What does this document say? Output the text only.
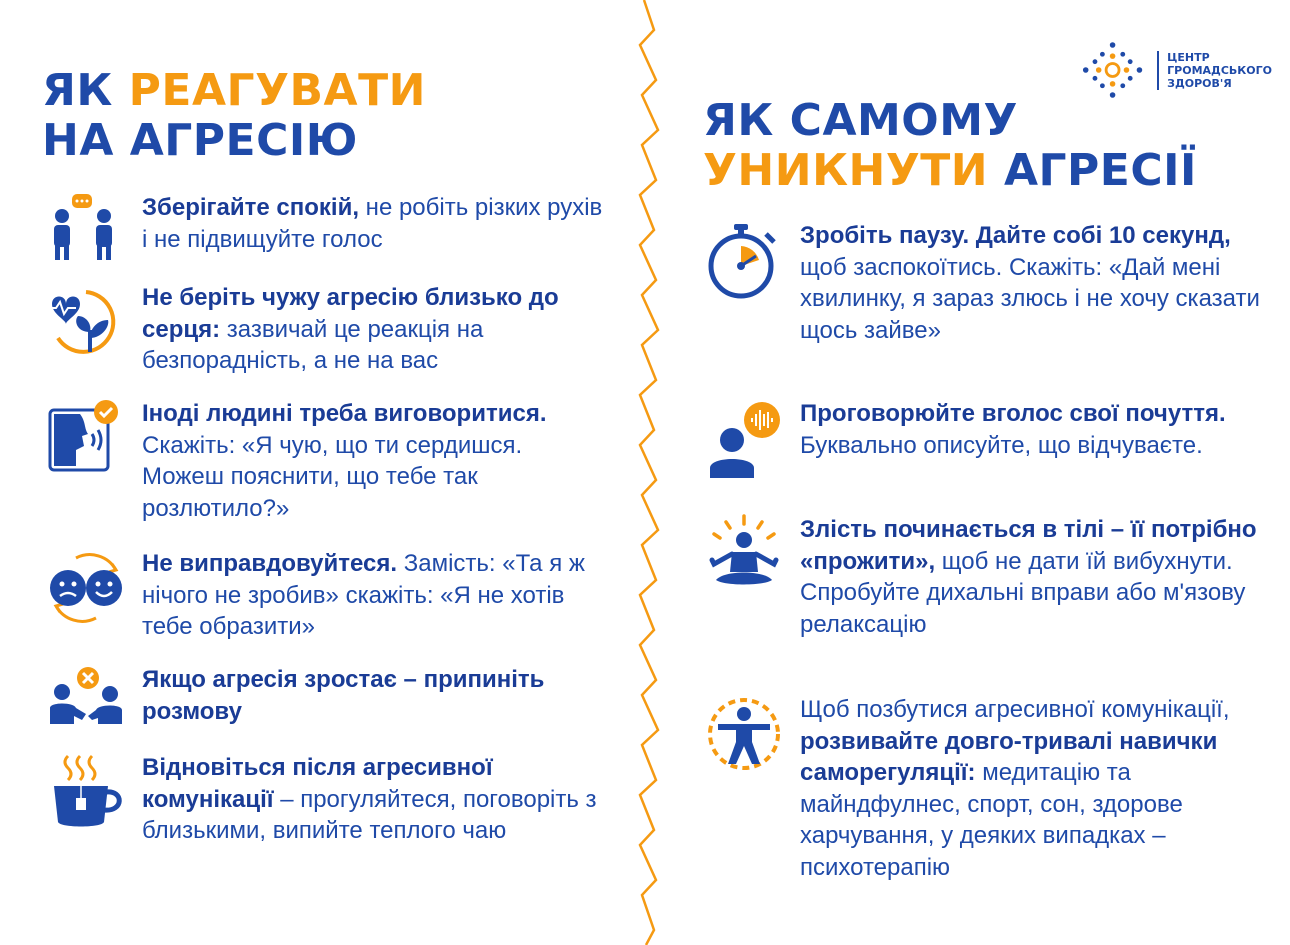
ЯК РЕАГУВАТИ
НА АГРЕСІЮ	ЯК САМОМУ
УНИКНУТИ АГРЕСІЇ
ЦЕНТР
ГРОМАДСЬКОГО
ЗДОРОВ'Я
Зберігайте спокій, не робіть різких рухів і не підвищуйте голос
Не беріть чужу агресію близько до серця: зазвичай це реакція на безпорадність, а не на вас
Іноді людині треба виговоритися. Скажіть: «Я чую, що ти сердишся. Можеш пояснити, що тебе так розлютило?»
Не виправдовуйтеся. Замість: «Та я ж нічого не зробив» скажіть: «Я не хотів тебе образити»
Якщо агресія зростає – припиніть розмову
Відновіться після агресивної комунікації – прогуляйтеся, поговоріть з близькими, випийте теплого чаю
Зробіть паузу. Дайте собі 10 секунд, щоб заспокоїтись. Скажіть: «Дай мені хвилинку, я зараз злюсь і не хочу сказати щось зайве»
Проговорюйте вголос свої почуття. Буквально описуйте, що відчуваєте.
Злість починається в тілі – її потрібно «прожити», щоб не дати їй вибухнути. Спробуйте дихальні вправи або м'язову релаксацію
Щоб позбутися агресивної комунікації, розвивайте довго-тривалі навички саморегуляції: медитацію та майндфулнес, спорт, сон, здорове харчування, у деяких випадках – психотерапію
